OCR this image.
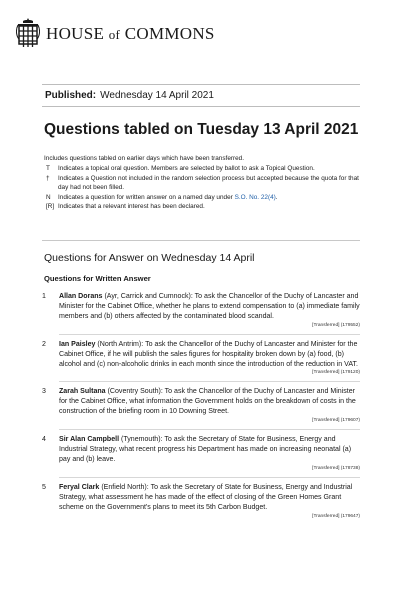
HOUSE of COMMONS
Published: Wednesday 14 April 2021
Questions tabled on Tuesday 13 April 2021
Includes questions tabled on earlier days which have been transferred.
T	Indicates a topical oral question. Members are selected by ballot to ask a Topical Question.
†	Indicates a Question not included in the random selection process but accepted because the quota for that day had not been filled.
N	Indicates a question for written answer on a named day under S.O. No. 22(4).
[R] Indicates that a relevant interest has been declared.
Questions for Answer on Wednesday 14 April
Questions for Written Answer
1	Allan Dorans (Ayr, Carrick and Cumnock): To ask the Chancellor of the Duchy of Lancaster and Minister for the Cabinet Office, whether he plans to extend compensation to (a) immediate family members and (b) others affected by the contaminated blood scandal.
[Transferred] (179552)
2	Ian Paisley (North Antrim): To ask the Chancellor of the Duchy of Lancaster and Minister for the Cabinet Office, if he will publish the sales figures for hospitality broken down by (a) food, (b) alcohol and (c) non-alcoholic drinks in each month since the introduction of the reduction in VAT.
[Transferred] (179120)
3	Zarah Sultana (Coventry South): To ask the Chancellor of the Duchy of Lancaster and Minister for the Cabinet Office, what information the Government holds on the breakdown of costs in the construction of the briefing room in 10 Downing Street.
[Transferred] (179607)
4	Sir Alan Campbell (Tynemouth): To ask the Secretary of State for Business, Energy and Industrial Strategy, what recent progress his Department has made on increasing neonatal (a) pay and (b) leave.
[Transferred] (178738)
5	Feryal Clark (Enfield North): To ask the Secretary of State for Business, Energy and Industrial Strategy, what assessment he has made of the effect of closing of the Green Homes Grant scheme on the Government's plans to meet its 5th Carbon Budget.
[Transferred] (179647)
